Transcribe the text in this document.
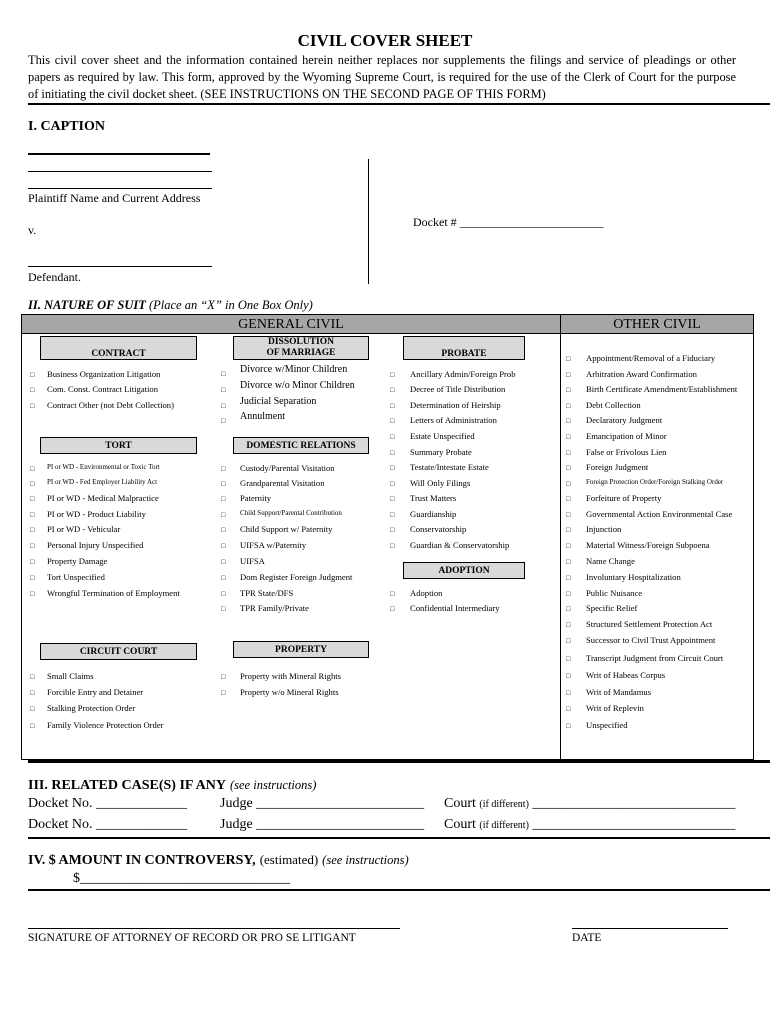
CIVIL COVER SHEET
This civil cover sheet and the information contained herein neither replaces nor supplements the filings and service of pleadings or other papers as required by law. This form, approved by the Wyoming Supreme Court, is required for the use of the Clerk of Court for the purpose of initiating the civil docket sheet. (SEE INSTRUCTIONS ON THE SECOND PAGE OF THIS FORM)
I. CAPTION
Plaintiff Name and Current Address
v.
Defendant.
Docket # ________________________
II. NATURE OF SUIT (Place an “X” in One Box Only)
GENERAL CIVIL	OTHER CIVIL
CONTRACT
DISSOLUTION
OF MARRIAGE	PROBATE
TORT	DOMESTIC RELATIONS
ADOPTION
CIRCUIT COURT	PROPERTY
□ Business Organization Litigation
□ Com. Const. Contract Litigation
□ Contract Other (not Debt Collection)
□ Divorce w/Minor Children
□ Divorce w/o Minor Children
□ Judicial Separation
□ Annulment
□ Ancillary Admin/Foreign Prob
□ Decree of Title Distribution
□ Determination of Heirship
□ Letters of Administration
□ Estate Unspecified
□ Summary Probate
□ Testate/Intestate Estate
□ Will Only Filings
□ Trust Matters
□ Guardianship
□ Conservatorship
□ Guardian & Conservatorship
□ PI or WD - Environmental or Toxic Tort
□ PI or WD - Fed Employer Liability Act
□ PI or WD - Medical Malpractice
□ PI or WD - Product Liability
□ PI or WD - Vehicular
□ Personal Injury Unspecified
□ Property Damage
□ Tort Unspecified
□ Wrongful Termination of Employment
□ Custody/Parental Visitation
□ Grandparental Visitation
□ Paternity
□ Child Support/Parental Contribution
□ Child Support w/ Paternity
□ UIFSA w/Paternity
□ UIFSA
□ Dom Register Foreign Judgment
□ TPR State/DFS
□ TPR Family/Private
□ Adoption
□ Confidential Intermediary
□ Small Claims
□ Forcible Entry and Detainer
□ Stalking Protection Order
□ Family Violence Protection Order
□ Property with Mineral Rights
□ Property w/o Mineral Rights
□ Appointment/Removal of a Fiduciary
□ Arbitration Award Confirmation
□ Birth Certificate Amendment/Establishment
□ Debt Collection
□ Declaratory Judgment
□ Emancipation of Minor
□ False or Frivolous Lien
□ Foreign Judgment
□ Foreign Protection Order/Foreign Stalking Order
□ Forfeiture of Property
□ Governmental Action Environmental Case
□ Injunction
□ Material Witness/Foreign Subpoena
□ Name Change
□ Involuntary Hospitalization
□ Public Nuisance
□ Specific Relief
□ Structured Settlement Protection Act
□ Successor to Civil Trust Appointment
□ Transcript Judgment from Circuit Court
□ Writ of Habeas Corpus
□ Writ of Mandamus
□ Writ of Replevin
□ Unspecified
III. RELATED CASE(S) IF ANY (see instructions)
Docket No. _____________ Judge ________________________ Court (if different) _____________________________
Docket No. _____________ Judge ________________________ Court (if different) _____________________________
IV. $ AMOUNT IN CONTROVERSY, (estimated) (see instructions)
$______________________________
SIGNATURE OF ATTORNEY OF RECORD OR PRO SE LITIGANT	DATE
